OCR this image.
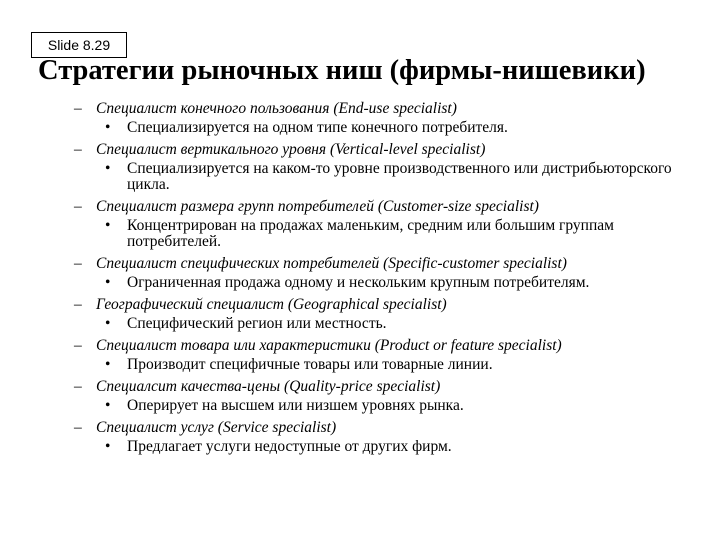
Slide 8.29
Стратегии рыночных ниш (фирмы-нишевики)
– Специалист конечного пользования (End-use specialist)
• Специализируется на одном типе конечного потребителя.
– Специалист вертикального уровня (Vertical-level specialist)
• Специализируется на каком-то уровне производственного или дистрибьюторского цикла.
– Специалист размера групп потребителей (Customer-size specialist)
• Концентрирован на продажах маленьким, средним или большим группам потребителей.
– Специалист специфических потребителей (Specific-customer specialist)
• Ограниченная продажа одному и нескольким крупным потребителям.
– Географический специалист (Geographical specialist)
• Специфический регион или местность.
– Специалист товара или характеристики (Product or feature specialist)
• Производит специфичные товары или товарные линии.
– Специалсит качества-цены (Quality-price specialist)
• Оперирует на высшем или низшем уровнях рынка.
– Специалист услуг (Service specialist)
• Предлагает услуги недоступные от других фирм.
